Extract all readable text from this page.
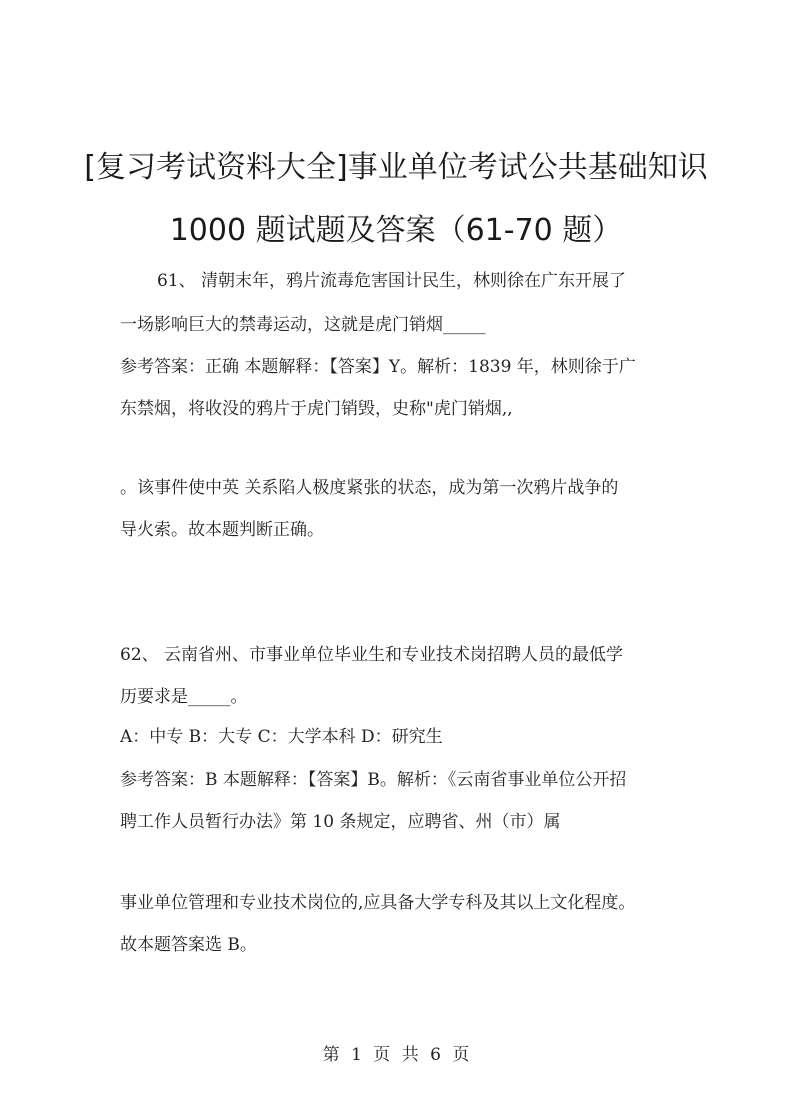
[复习考试资料大全]事业单位考试公共基础知识
1000 题试题及答案（61-70 题）
61、 清朝末年，鸦片流毒危害国计民生，林则徐在广东开展了
一场影响巨大的禁毒运动，这就是虎门销烟_____
参考答案：正确 本题解释：【答案】Y。解析：1839 年，林则徐于广
东禁烟，将收没的鸦片于虎门销毁，史称"虎门销烟,,
。该事件使中英 关系陷人极度紧张的状态，成为第一次鸦片战争的
导火索。故本题判断正确。
62、 云南省州、市事业单位毕业生和专业技术岗招聘人员的最低学
历要求是_____。
A：中专 B：大专 C：大学本科 D：研究生
参考答案：B 本题解释：【答案】B。解析：《云南省事业单位公开招
聘工作人员暂行办法》第 10 条规定，应聘省、州（市）属
事业单位管理和专业技术岗位的,应具备大学专科及其以上文化程度。
故本题答案选 B。
第 1 页 共 6 页
